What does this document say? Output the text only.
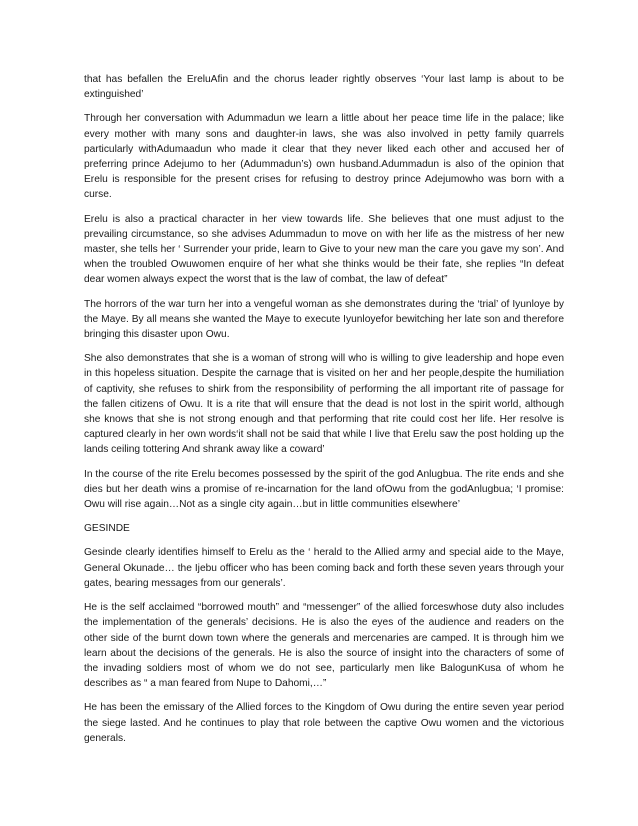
that has befallen the EreluAfin and the chorus leader rightly observes ‘Your last lamp is about to be extinguished’

Through her conversation with Adummadun we learn a little about her peace time life in the palace; like every mother with many sons and daughter-in laws, she was also involved in petty family quarrels particularly withAdumaadun who made it clear that they never liked each other and accused her of preferring prince Adejumo to her (Adummadun’s) own husband.Adummadun is also of the opinion that Erelu is responsible for the present crises for refusing to destroy prince Adejumowho was born with a curse.

Erelu is also a practical character in her view towards life. She believes that one must adjust to the prevailing circumstance, so she advises Adummadun to move on with her life as the mistress of her new master, she tells her ‘ Surrender your pride, learn to Give to your new man the care you gave my son’. And when the troubled Owuwomen enquire of her what she thinks would be their fate, she replies “In defeat dear women always expect the worst that is the law of combat, the law of defeat”

The horrors of the war turn her into a vengeful woman as she demonstrates during the ‘trial’ of Iyunloye by the Maye. By all means she wanted the Maye to execute Iyunloyefor bewitching her late son and therefore bringing this disaster upon Owu.

She also demonstrates that she is a woman of strong will who is willing to give leadership and hope even in this hopeless situation. Despite the carnage that is visited on her and her people,despite the humiliation of captivity, she refuses to shirk from the responsibility of performing the all important rite of passage for the fallen citizens of Owu. It is a rite that will ensure that the dead is not lost in the spirit world, although she knows that she is not strong enough and that performing that rite could cost her life. Her resolve is captured clearly in her own words‘it shall not be said that while I live that Erelu saw the post holding up the lands ceiling tottering And shrank away like a coward’

In the course of the rite Erelu becomes possessed by the spirit of the god Anlugbua. The rite ends and she dies but her death wins a promise of re-incarnation for the land ofOwu from the godAnlugbua; ‘I promise: Owu will rise again…Not as a single city again…but in little communities elsewhere’

GESINDE

Gesinde clearly identifies himself to Erelu as the ‘ herald to the Allied army and special aide to the Maye, General Okunade… the Ijebu officer who has been coming back and forth these seven years through your gates, bearing messages from our generals’.

He is the self acclaimed “borrowed mouth” and “messenger” of the allied forceswhose duty also includes the implementation of the generals’ decisions. He is also the eyes of the audience and readers on the other side of the burnt down town where the generals and mercenaries are camped. It is through him we learn about the decisions of the generals. He is also the source of insight into the characters of some of the invading soldiers most of whom we do not see, particularly men like BalogunKusa of whom he describes as “ a man feared from Nupe to Dahomi,…”

He has been the emissary of the Allied forces to the Kingdom of Owu during the entire seven year period the siege lasted. And he continues to play that role between the captive Owu women and the victorious generals.
